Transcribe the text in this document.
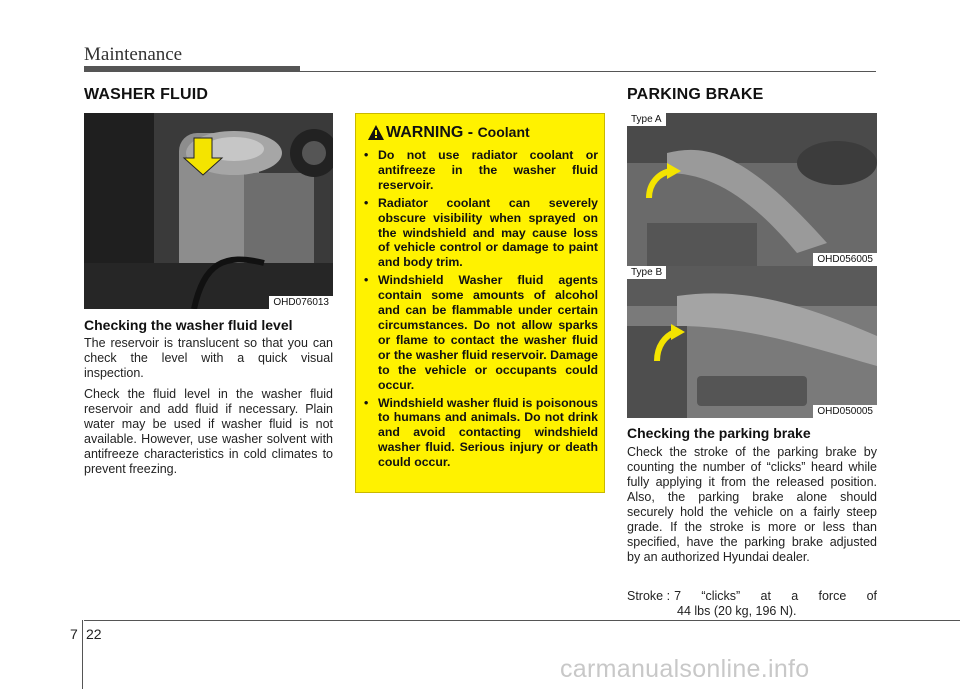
Maintenance
WASHER FLUID
OHD076013
Checking the washer fluid level

The reservoir is translucent so that you can check the level with a quick visual inspection.

Check the fluid level in the washer fluid reservoir and add fluid if necessary. Plain water may be used if washer fluid is not available. However, use washer solvent with antifreeze characteristics in cold climates to prevent freezing.

WARNING - Coolant
• Do not use radiator coolant or antifreeze in the washer fluid reservoir.
• Radiator coolant can severely obscure visibility when sprayed on the windshield and may cause loss of vehicle control or damage to paint and body trim.
• Windshield Washer fluid agents contain some amounts of alcohol and can be flammable under certain circumstances. Do not allow sparks or flame to contact the washer fluid or the washer fluid reservoir. Damage to the vehicle or occupants could occur.
• Windshield washer fluid is poisonous to humans and animals. Do not drink and avoid contacting windshield washer fluid. Serious injury or death could occur.
PARKING BRAKE
Type A
OHD056005
Type B
OHD050005
Checking the parking brake

Check the stroke of the parking brake by counting the number of “clicks” heard while fully applying it from the released position. Also, the parking brake alone should securely hold the vehicle on a fairly steep grade. If the stroke is more or less than specified, have the parking brake adjusted by an authorized Hyundai dealer.

Stroke : 7 “clicks” at a force of
44 lbs (20 kg, 196 N).
7 22
carmanualsonline.info
